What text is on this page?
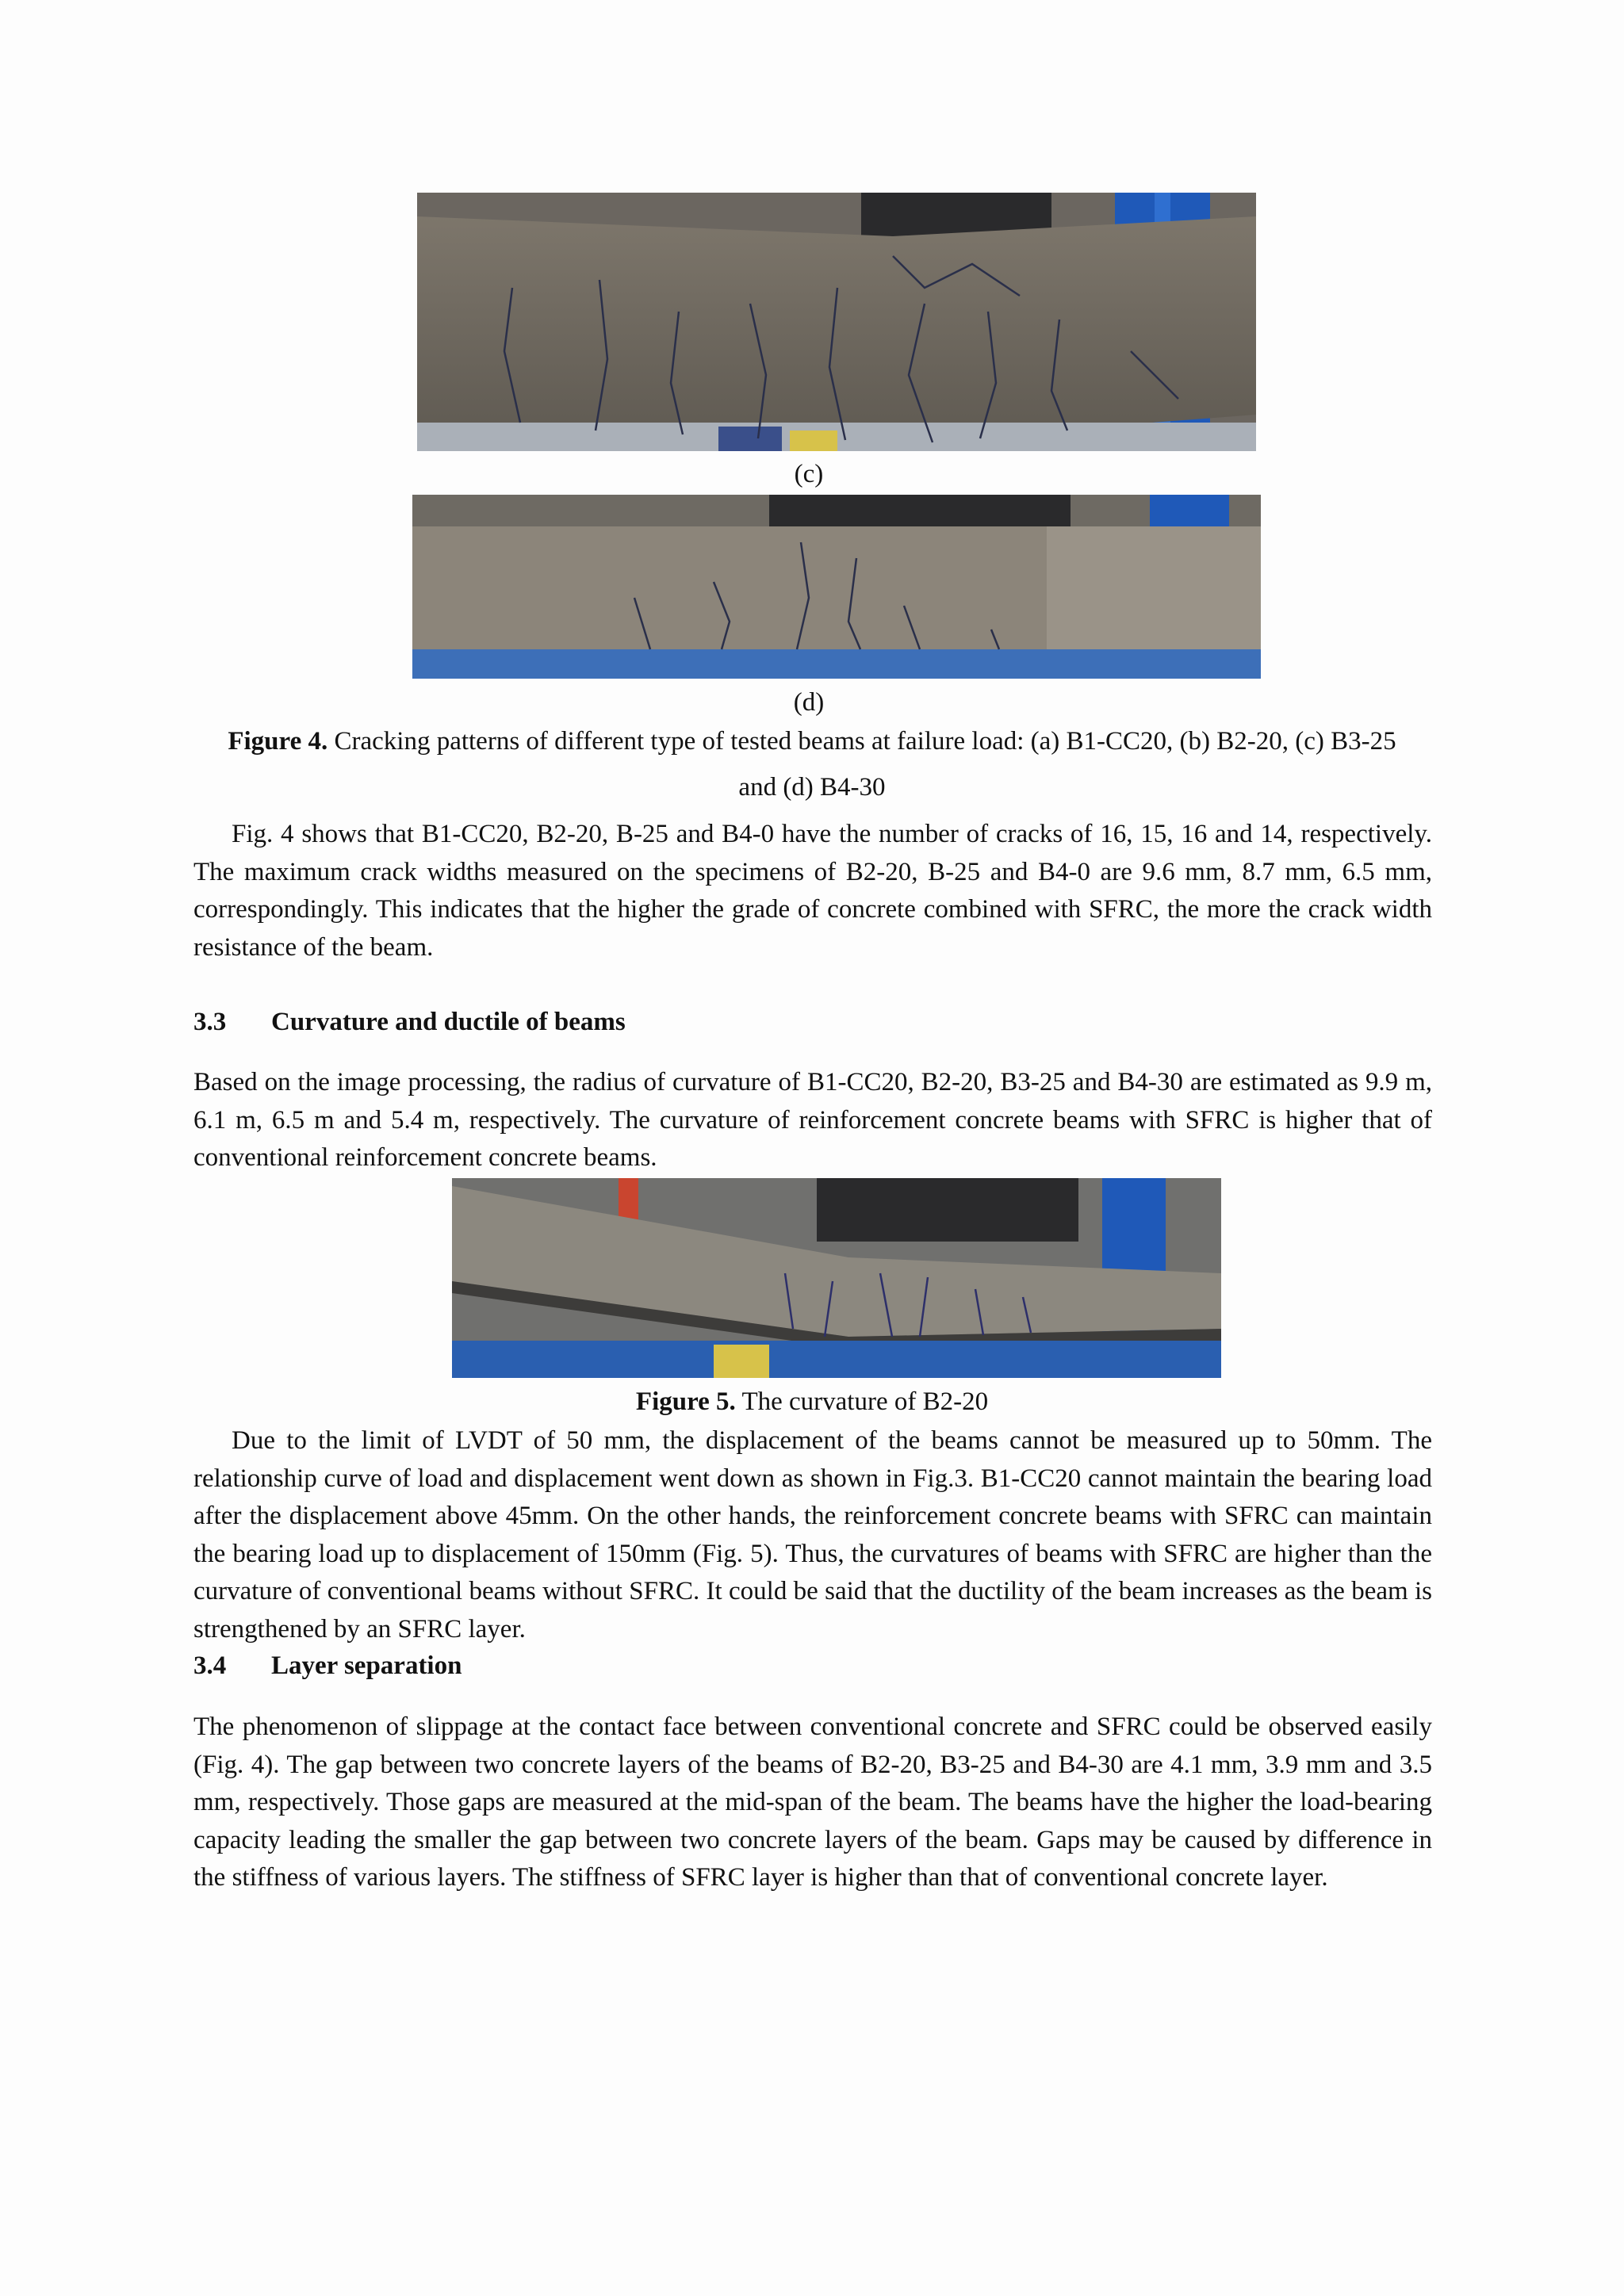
(c)
(d)
Figure 4. Cracking patterns of different type of tested beams at failure load: (a) B1-CC20, (b) B2-20, (c) B3-25
and (d) B4-30
Fig. 4 shows that B1-CC20, B2-20, B-25 and B4-0 have the number of cracks of 16, 15, 16 and 14, respectively. The maximum crack widths measured on the specimens of B2-20, B-25 and B4-0 are 9.6 mm, 8.7 mm, 6.5 mm, correspondingly. This indicates that the higher the grade of concrete combined with SFRC, the more the crack width resistance of the beam.
3.3 Curvature and ductile of beams
Based on the image processing, the radius of curvature of B1-CC20, B2-20, B3-25 and B4-30 are estimated as 9.9 m, 6.1 m, 6.5 m and 5.4 m, respectively. The curvature of reinforcement concrete beams with SFRC is higher that of conventional reinforcement concrete beams.
Figure 5. The curvature of B2-20
Due to the limit of LVDT of 50 mm, the displacement of the beams cannot be measured up to 50mm. The relationship curve of load and displacement went down as shown in Fig.3. B1-CC20 cannot maintain the bearing load after the displacement above 45mm. On the other hands, the reinforcement concrete beams with SFRC can maintain the bearing load up to displacement of 150mm (Fig. 5). Thus, the curvatures of beams with SFRC are higher than the curvature of conventional beams without SFRC. It could be said that the ductility of the beam increases as the beam is strengthened by an SFRC layer.
3.4 Layer separation
The phenomenon of slippage at the contact face between conventional concrete and SFRC could be observed easily (Fig. 4). The gap between two concrete layers of the beams of B2-20, B3-25 and B4-30 are 4.1 mm, 3.9 mm and 3.5 mm, respectively. Those gaps are measured at the mid-span of the beam. The beams have the higher the load-bearing capacity leading the smaller the gap between two concrete layers of the beam. Gaps may be caused by difference in the stiffness of various layers. The stiffness of SFRC layer is higher than that of conventional concrete layer.
